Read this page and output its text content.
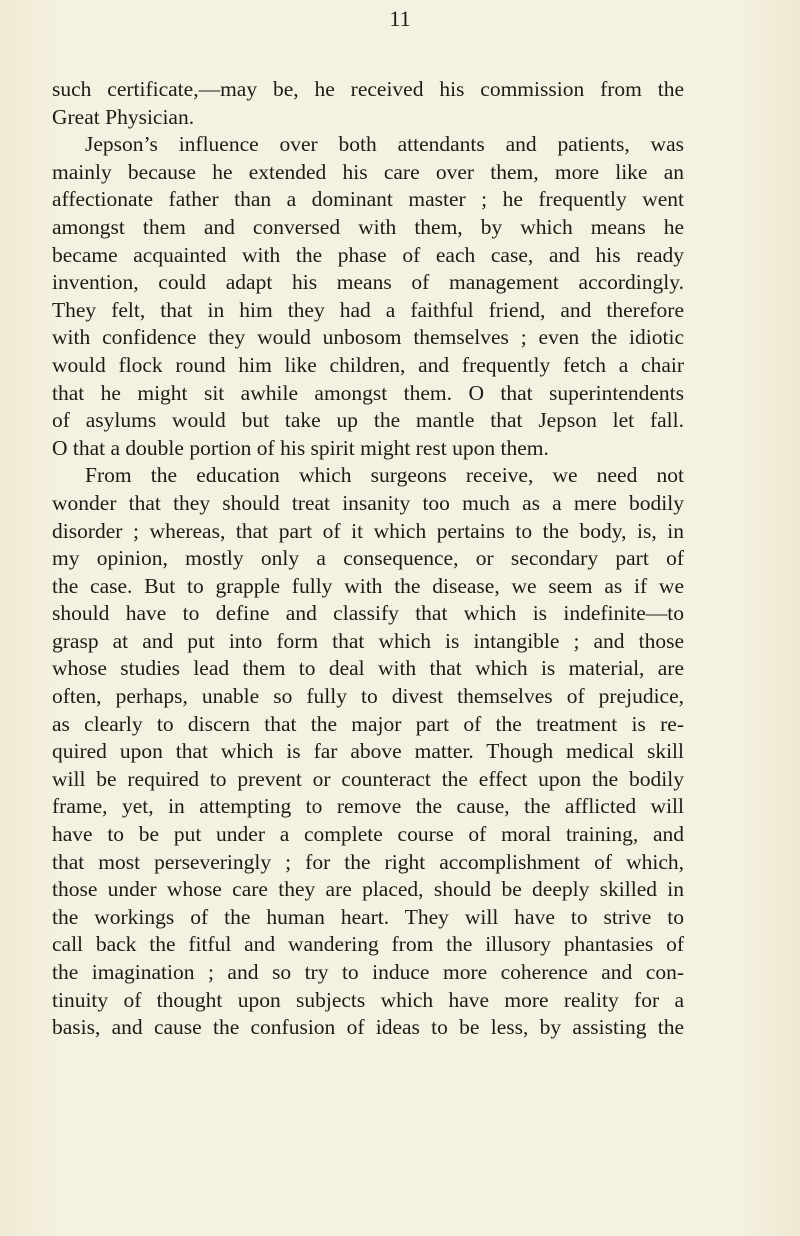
11
such certificate,—may be, he received his commission from the
Great Physician.
Jepson’s influence over both attendants and patients, was
mainly because he extended his care over them, more like an
affectionate father than a dominant master ; he frequently went
amongst them and conversed with them, by which means he
became acquainted with the phase of each case, and his ready
invention, could adapt his means of management accordingly.
They felt, that in him they had a faithful friend, and therefore
with confidence they would unbosom themselves ; even the idiotic
would flock round him like children, and frequently fetch a chair
that he might sit awhile amongst them. O that superintendents
of asylums would but take up the mantle that Jepson let fall.
O that a double portion of his spirit might rest upon them.
From the education which surgeons receive, we need not
wonder that they should treat insanity too much as a mere bodily
disorder ; whereas, that part of it which pertains to the body, is, in
my opinion, mostly only a consequence, or secondary part of
the case. But to grapple fully with the disease, we seem as if we
should have to define and classify that which is indefinite—to
grasp at and put into form that which is intangible ; and those
whose studies lead them to deal with that which is material, are
often, perhaps, unable so fully to divest themselves of prejudice,
as clearly to discern that the major part of the treatment is re-
quired upon that which is far above matter. Though medical skill
will be required to prevent or counteract the effect upon the bodily
frame, yet, in attempting to remove the cause, the afflicted will
have to be put under a complete course of moral training, and
that most perseveringly ; for the right accomplishment of which,
those under whose care they are placed, should be deeply skilled in
the workings of the human heart. They will have to strive to
call back the fitful and wandering from the illusory phantasies of
the imagination ; and so try to induce more coherence and con-
tinuity of thought upon subjects which have more reality for a
basis, and cause the confusion of ideas to be less, by assisting the
